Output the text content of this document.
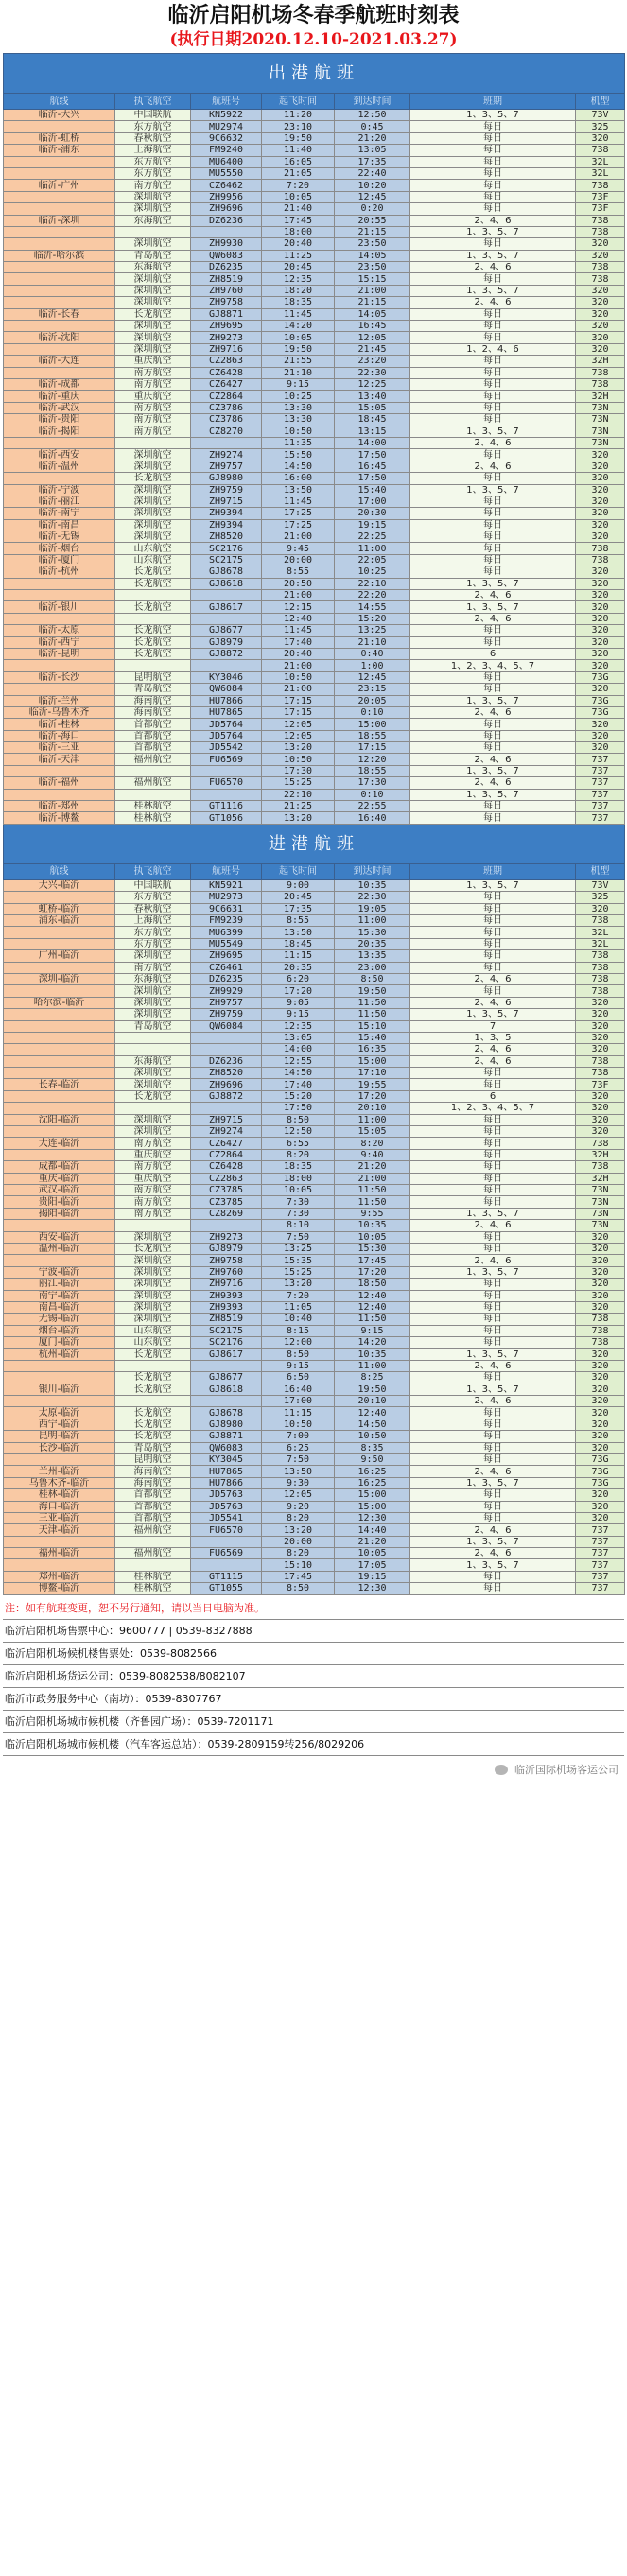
临沂启阳机场冬春季航班时刻表
(执行日期2020.12.10-2021.03.27)
出港航班						
航线	执飞航空	航班号	起飞时间	到达时间	班期	机型
临沂-大兴	中国联航	KN5922	11:20	12:50	1、3、5、7	73V
	东方航空	MU2974	23:10	0:45	每日	325
临沂-虹桥	春秋航空	9C6632	19:50	21:20	每日	320
临沂-浦东	上海航空	FM9240	11:40	13:05	每日	738
	东方航空	MU6400	16:05	17:35	每日	32L
	东方航空	MU5550	21:05	22:40	每日	32L
临沂-广州	南方航空	CZ6462	7:20	10:20	每日	738
	深圳航空	ZH9956	10:05	12:45	每日	73F
	深圳航空	ZH9696	21:40	0:20	每日	73F
临沂-深圳	东海航空	DZ6236	17:45	20:55	2、4、6	738
			18:00	21:15	1、3、5、7	738
	深圳航空	ZH9930	20:40	23:50	每日	320
临沂-哈尔滨	青岛航空	QW6083	11:25	14:05	1、3、5、7	320
	东海航空	DZ6235	20:45	23:50	2、4、6	738
	深圳航空	ZH8519	12:35	15:15	每日	738
	深圳航空	ZH9760	18:20	21:00	1、3、5、7	320
	深圳航空	ZH9758	18:35	21:15	2、4、6	320
临沂-长春	长龙航空	GJ8871	11:45	14:05	每日	320
	深圳航空	ZH9695	14:20	16:45	每日	320
临沂-沈阳	深圳航空	ZH9273	10:05	12:05	每日	320
	深圳航空	ZH9716	19:50	21:45	1、2、4、6	320
临沂-大连	重庆航空	CZ2863	21:55	23:20	每日	32H
	南方航空	CZ6428	21:10	22:30	每日	738
临沂-成都	南方航空	CZ6427	9:15	12:25	每日	738
临沂-重庆	重庆航空	CZ2864	10:25	13:40	每日	32H
临沂-武汉	南方航空	CZ3786	13:30	15:05	每日	73N
临沂-贵阳	南方航空	CZ3786	13:30	18:45	每日	73N
临沂-揭阳	南方航空	CZ8270	10:50	13:15	1、3、5、7	73N
			11:35	14:00	2、4、6	73N
临沂-西安	深圳航空	ZH9274	15:50	17:50	每日	320
临沂-温州	深圳航空	ZH9757	14:50	16:45	2、4、6	320
	长龙航空	GJ8980	16:00	17:50	每日	320
临沂-宁波	深圳航空	ZH9759	13:50	15:40	1、3、5、7	320
临沂-丽江	深圳航空	ZH9715	11:45	17:00	每日	320
临沂-南宁	深圳航空	ZH9394	17:25	20:30	每日	320
临沂-南昌	深圳航空	ZH9394	17:25	19:15	每日	320
临沂-无锡	深圳航空	ZH8520	21:00	22:25	每日	320
临沂-烟台	山东航空	SC2176	9:45	11:00	每日	738
临沂-厦门	山东航空	SC2175	20:00	22:05	每日	738
临沂-杭州	长龙航空	GJ8678	8:55	10:25	每日	320
	长龙航空	GJ8618	20:50	22:10	1、3、5、7	320
			21:00	22:20	2、4、6	320
临沂-银川	长龙航空	GJ8617	12:15	14:55	1、3、5、7	320
			12:40	15:20	2、4、6	320
临沂-太原	长龙航空	GJ8677	11:45	13:25	每日	320
临沂-西宁	长龙航空	GJ8979	17:40	21:10	每日	320
临沂-昆明	长龙航空	GJ8872	20:40	0:40	6	320
			21:00	1:00	1、2、3、4、5、7	320
临沂-长沙	昆明航空	KY3046	10:50	12:45	每日	73G
	青岛航空	QW6084	21:00	23:15	每日	320
临沂-兰州	海南航空	HU7866	17:15	20:05	1、3、5、7	73G
临沂-乌鲁木齐	海南航空	HU7865	17:15	0:10	2、4、6	73G
临沂-桂林	首都航空	JD5764	12:05	15:00	每日	320
临沂-海口	首都航空	JD5764	12:05	18:55	每日	320
临沂-三亚	首都航空	JD5542	13:20	17:15	每日	320
临沂-天津	福州航空	FU6569	10:50	12:20	2、4、6	737
			17:30	18:55	1、3、5、7	737
临沂-福州	福州航空	FU6570	15:25	17:30	2、4、6	737
			22:10	0:10	1、3、5、7	737
临沂-郑州	桂林航空	GT1116	21:25	22:55	每日	737
临沂-博鳌	桂林航空	GT1056	13:20	16:40	每日	737
进港航班						
航线	执飞航空	航班号	起飞时间	到达时间	班期	机型
大兴-临沂	中国联航	KN5921	9:00	10:35	1、3、5、7	73V
	东方航空	MU2973	20:45	22:30	每日	325
虹桥-临沂	春秋航空	9C6631	17:35	19:05	每日	320
浦东-临沂	上海航空	FM9239	8:55	11:00	每日	738
	东方航空	MU6399	13:50	15:30	每日	32L
	东方航空	MU5549	18:45	20:35	每日	32L
广州-临沂	深圳航空	ZH9695	11:15	13:35	每日	738
	南方航空	CZ6461	20:35	23:00	每日	738
深圳-临沂	东海航空	DZ6235	6:20	8:50	2、4、6	738
	深圳航空	ZH9929	17:20	19:50	每日	738
哈尔滨-临沂	深圳航空	ZH9757	9:05	11:50	2、4、6	320
	深圳航空	ZH9759	9:15	11:50	1、3、5、7	320
	青岛航空	QW6084	12:35	15:10	7	320
			13:05	15:40	1、3、5	320
			14:00	16:35	2、4、6	320
	东海航空	DZ6236	12:55	15:00	2、4、6	738
	深圳航空	ZH8520	14:50	17:10	每日	738
长春-临沂	深圳航空	ZH9696	17:40	19:55	每日	73F
	长龙航空	GJ8872	15:20	17:20	6	320
			17:50	20:10	1、2、3、4、5、7	320
沈阳-临沂	深圳航空	ZH9715	8:50	11:00	每日	320
	深圳航空	ZH9274	12:50	15:05	每日	320
大连-临沂	南方航空	CZ6427	6:55	8:20	每日	738
	重庆航空	CZ2864	8:20	9:40	每日	32H
成都-临沂	南方航空	CZ6428	18:35	21:20	每日	738
重庆-临沂	重庆航空	CZ2863	18:00	21:00	每日	32H
武汉-临沂	南方航空	CZ3785	10:05	11:50	每日	73N
贵阳-临沂	南方航空	CZ3785	7:30	11:50	每日	73N
揭阳-临沂	南方航空	CZ8269	7:30	9:55	1、3、5、7	73N
			8:10	10:35	2、4、6	73N
西安-临沂	深圳航空	ZH9273	7:50	10:05	每日	320
温州-临沂	长龙航空	GJ8979	13:25	15:30	每日	320
	深圳航空	ZH9758	15:35	17:45	2、4、6	320
宁波-临沂	深圳航空	ZH9760	15:25	17:20	1、3、5、7	320
丽江-临沂	深圳航空	ZH9716	13:20	18:50	每日	320
南宁-临沂	深圳航空	ZH9393	7:20	12:40	每日	320
南昌-临沂	深圳航空	ZH9393	11:05	12:40	每日	320
无锡-临沂	深圳航空	ZH8519	10:40	11:50	每日	738
烟台-临沂	山东航空	SC2175	8:15	9:15	每日	738
厦门-临沂	山东航空	SC2176	12:00	14:20	每日	738
杭州-临沂	长龙航空	GJ8617	8:50	10:35	1、3、5、7	320
			9:15	11:00	2、4、6	320
	长龙航空	GJ8677	6:50	8:25	每日	320
银川-临沂	长龙航空	GJ8618	16:40	19:50	1、3、5、7	320
			17:00	20:10	2、4、6	320
太原-临沂	长龙航空	GJ8678	11:15	12:40	每日	320
西宁-临沂	长龙航空	GJ8980	10:50	14:50	每日	320
昆明-临沂	长龙航空	GJ8871	7:00	10:50	每日	320
长沙-临沂	青岛航空	QW6083	6:25	8:35	每日	320
	昆明航空	KY3045	7:50	9:50	每日	73G
兰州-临沂	海南航空	HU7865	13:50	16:25	2、4、6	73G
乌鲁木齐-临沂	海南航空	HU7866	9:30	16:25	1、3、5、7	73G
桂林-临沂	首都航空	JD5763	12:05	15:00	每日	320
海口-临沂	首都航空	JD5763	9:20	15:00	每日	320
三亚-临沂	首都航空	JD5541	8:20	12:30	每日	320
天津-临沂	福州航空	FU6570	13:20	14:40	2、4、6	737
			20:00	21:20	1、3、5、7	737
福州-临沂	福州航空	FU6569	8:20	10:05	2、4、6	737
			15:10	17:05	1、3、5、7	737
郑州-临沂	桂林航空	GT1115	17:45	19:15	每日	737
博鳌-临沂	桂林航空	GT1055	8:50	12:30	每日	737
注：如有航班变更，恕不另行通知，请以当日电脑为准。
临沂启阳机场售票中心：9600777 | 0539-8327888
临沂启阳机场候机楼售票处：0539-8082566
临沂启阳机场货运公司：0539-8082538/8082107
临沂市政务服务中心（南坊）：0539-8307767
临沂启阳机场城市候机楼（齐鲁园广场）：0539-7201171
临沂启阳机场城市候机楼（汽车客运总站）：0539-2809159转256/8029206
临沂国际机场客运公司
